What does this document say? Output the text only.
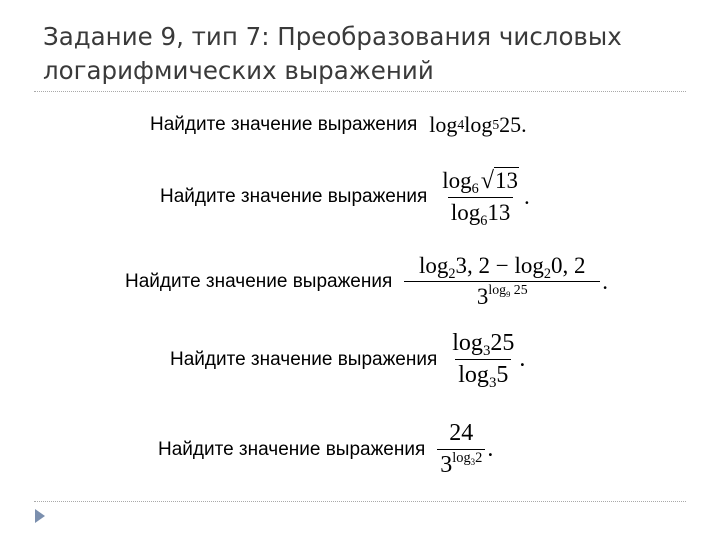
Задание 9, тип 7: Преобразования числовых логарифмических выражений
Найдите значение выражения log 4 log 5 25 .
Найдите значение выражения $\frac{\log_6√13}{\log_613}$ .
Найдите значение выражения $\frac{\log_23, 2 - \log_20, 2}{3^{log_9 25}}$ .
Найдите значение выражения $\frac{\log_325}{\log_35}$ .
Найдите значение выражения $\frac{24}{3^{log_32}}$ .
